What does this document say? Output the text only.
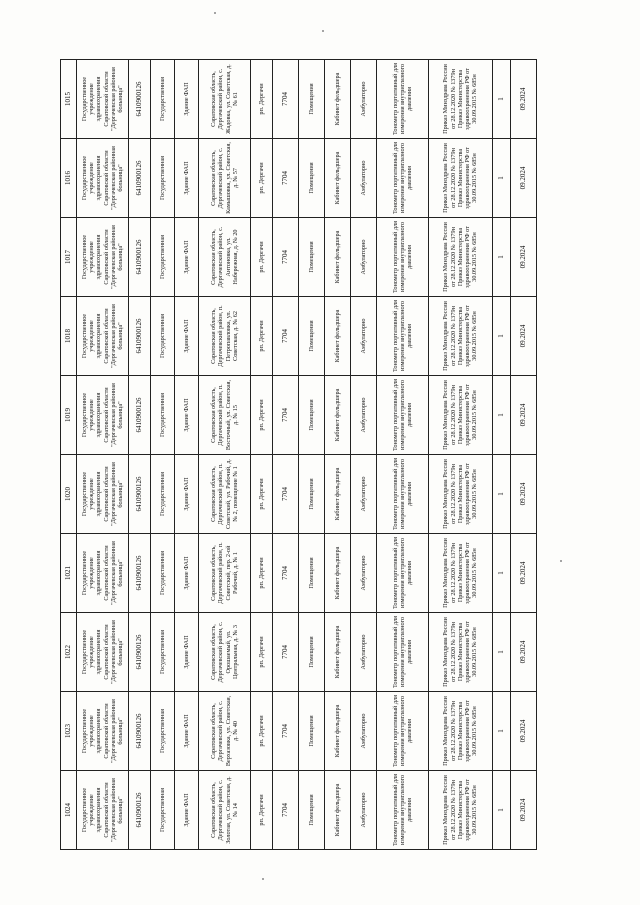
1024	1023	1022	1021	1020	1019	1018	1017	1016	1015
Государственное учреждение здравоохранения Саратовской области "Дергачевская районная больница"	Государственное учреждение здравоохранения Саратовской области "Дергачевская районная больница"	Государственное учреждение здравоохранения Саратовской области "Дергачевская районная больница"	Государственное учреждение здравоохранения Саратовской области "Дергачевская районная больница"	Государственное учреждение здравоохранения Саратовской области "Дергачевская районная больница"	Государственное учреждение здравоохранения Саратовской области "Дергачевская районная больница"	Государственное учреждение здравоохранения Саратовской области "Дергачевская районная больница"	Государственное учреждение здравоохранения Саратовской области "Дергачевская районная больница"	Государственное учреждение здравоохранения Саратовской области "Дергачевская районная больница"	Государственное учреждение здравоохранения Саратовской области "Дергачевская районная больница"
6410900126	6410900126	6410900126	6410900126	6410900126	6410900126	6410900126	6410900126	6410900126	6410900126
Государственная	Государственная	Государственная	Государственная	Государственная	Государственная	Государственная	Государственная	Государственная	Государственная
Здание ФАП	Здание ФАП	Здание ФАП	Здание ФАП	Здание ФАП	Здание ФАП	Здание ФАП	Здание ФАП	Здание ФАП	Здание ФАП
Саратовская область, Дергачевский район, с. Золотая, ул. Советская, д. № 14	Саратовская область, Дергачевский район, с. Верхазовка, ул. Советская, д. № 40	Саратовская область, Дергачевский район, с. Орошаемый, ул. Центральная, д. № 3	Саратовская область, Дергачевский район, п. Советский, пер. 2-ой Рабочий, д. № 1	Саратовская область, Дергачевский район, п. Советский, ул. Рабочий, д. № 2, помещение № 1	Саратовская область, Дергачевский район, п. Восточный, ул. Советская, д. № 15	Саратовская область, Дергачевский район, п. Петропавловка, ул. Советская, д. № 62	Саратовская область, Дергачевский район, с. Антоновка, ул. Набережная, д. № 20	Саратовская область, Дергачевский район, с. Камышовка, ул. Советская, д. № 57	Саратовская область, Дергачевский район, с. Жадовка, ул. Советская, д. № 61
рп. Дергачи	рп. Дергачи	рп. Дергачи	рп. Дергачи	рп. Дергачи	рп. Дергачи	рп. Дергачи	рп. Дергачи	рп. Дергачи	рп. Дергачи
7704	7704	7704	7704	7704	7704	7704	7704	7704	7704
Помещения	Помещения	Помещения	Помещения	Помещения	Помещения	Помещения	Помещения	Помещения	Помещения
Кабинет фельдшера	Кабинет фельдшера	Кабинет фельдшера	Кабинет фельдшера	Кабинет фельдшера	Кабинет фельдшера	Кабинет фельдшера	Кабинет фельдшера	Кабинет фельдшера	Кабинет фельдшера
Амбулаторно	Амбулаторно	Амбулаторно	Амбулаторно	Амбулаторно	Амбулаторно	Амбулаторно	Амбулаторно	Амбулаторно	Амбулаторно
Тонометр портативный для измерения внутриглазного давления	Тонометр портативный для измерения внутриглазного давления	Тонометр портативный для измерения внутриглазного давления	Тонометр портативный для измерения внутриглазного давления	Тонометр портативный для измерения внутриглазного давления	Тонометр портативный для измерения внутриглазного давления	Тонометр портативный для измерения внутриглазного давления	Тонометр портативный для измерения внутриглазного давления	Тонометр портативный для измерения внутриглазного давления	Тонометр портативный для измерения внутриглазного давления
Приказ Минздрава России от 28.12.2020 № 1379н Приказ Министерства здравоохранения РФ от 30.09.2015 № 685н	Приказ Минздрава России от 28.12.2020 № 1379н Приказ Министерства здравоохранения РФ от 30.09.2015 № 685н	Приказ Минздрава России от 28.12.2020 № 1379н Приказ Министерства здравоохранения РФ от 30.09.2015 № 685н	Приказ Минздрава России от 28.12.2020 № 1379н Приказ Министерства здравоохранения РФ от 30.09.2015 № 685н	Приказ Минздрава России от 28.12.2020 № 1379н Приказ Министерства здравоохранения РФ от 30.09.2015 № 685н	Приказ Минздрава России от 28.12.2020 № 1379н Приказ Министерства здравоохранения РФ от 30.09.2015 № 685н	Приказ Минздрава России от 28.12.2020 № 1379н Приказ Министерства здравоохранения РФ от 30.09.2015 № 685н	Приказ Минздрава России от 28.12.2020 № 1379н Приказ Министерства здравоохранения РФ от 30.09.2015 № 685н	Приказ Минздрава России от 28.12.2020 № 1379н Приказ Министерства здравоохранения РФ от 30.09.2015 № 685н	Приказ Минздрава России от 28.12.2020 № 1379н Приказ Министерства здравоохранения РФ от 30.09.2015 № 685н
1	1	1	1	1	1	1	1	1	1
09.2024	09.2024	09.2024	09.2024	09.2024	09.2024	09.2024	09.2024	09.2024	09.2024
